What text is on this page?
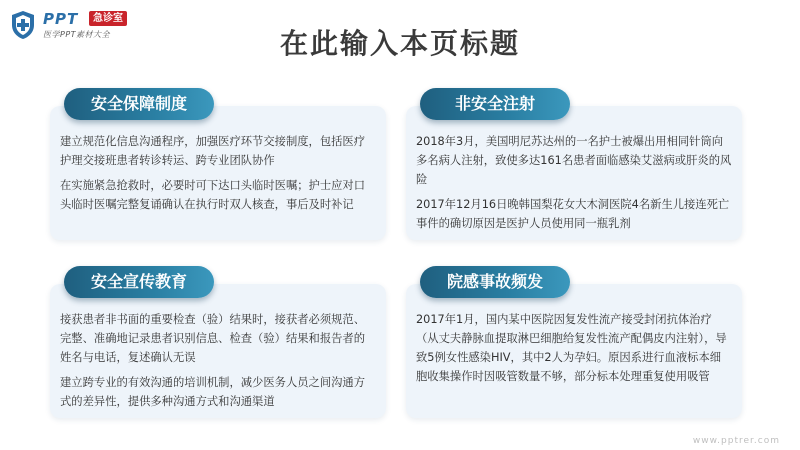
PPT	急诊室
医学PPT素材大全	在此输入本页标题
安全保障制度

建立规范化信息沟通程序，加强医疗环节交接制度，包括医疗护理交接班患者转诊转运、跨专业团队协作

在实施紧急抢救时，必要时可下达口头临时医嘱；护士应对口头临时医嘱完整复诵确认在执行时双人核查，事后及时补记

非安全注射

2018年3月，美国明尼苏达州的一名护士被爆出用相同针筒向多名病人注射，致使多达161名患者面临感染艾滋病或肝炎的风险

2017年12月16日晚韩国梨花女大木洞医院4名新生儿接连死亡事件的确切原因是医护人员使用同一瓶乳剂

安全宣传教育

接获患者非书面的重要检查（验）结果时，接获者必须规范、完整、准确地记录患者识别信息、检查（验）结果和报告者的姓名与电话，复述确认无误

建立跨专业的有效沟通的培训机制，减少医务人员之间沟通方式的差异性，提供多种沟通方式和沟通渠道

院感事故频发

2017年1月，国内某中医院因复发性流产接受封闭抗体治疗（从丈夫静脉血提取淋巴细胞给复发性流产配偶皮内注射），导致5例女性感染HIV，其中2人为孕妇。原因系进行血液标本细胞收集操作时因吸管数量不够，部分标本处理重复使用吸管

www.pptrer.com
